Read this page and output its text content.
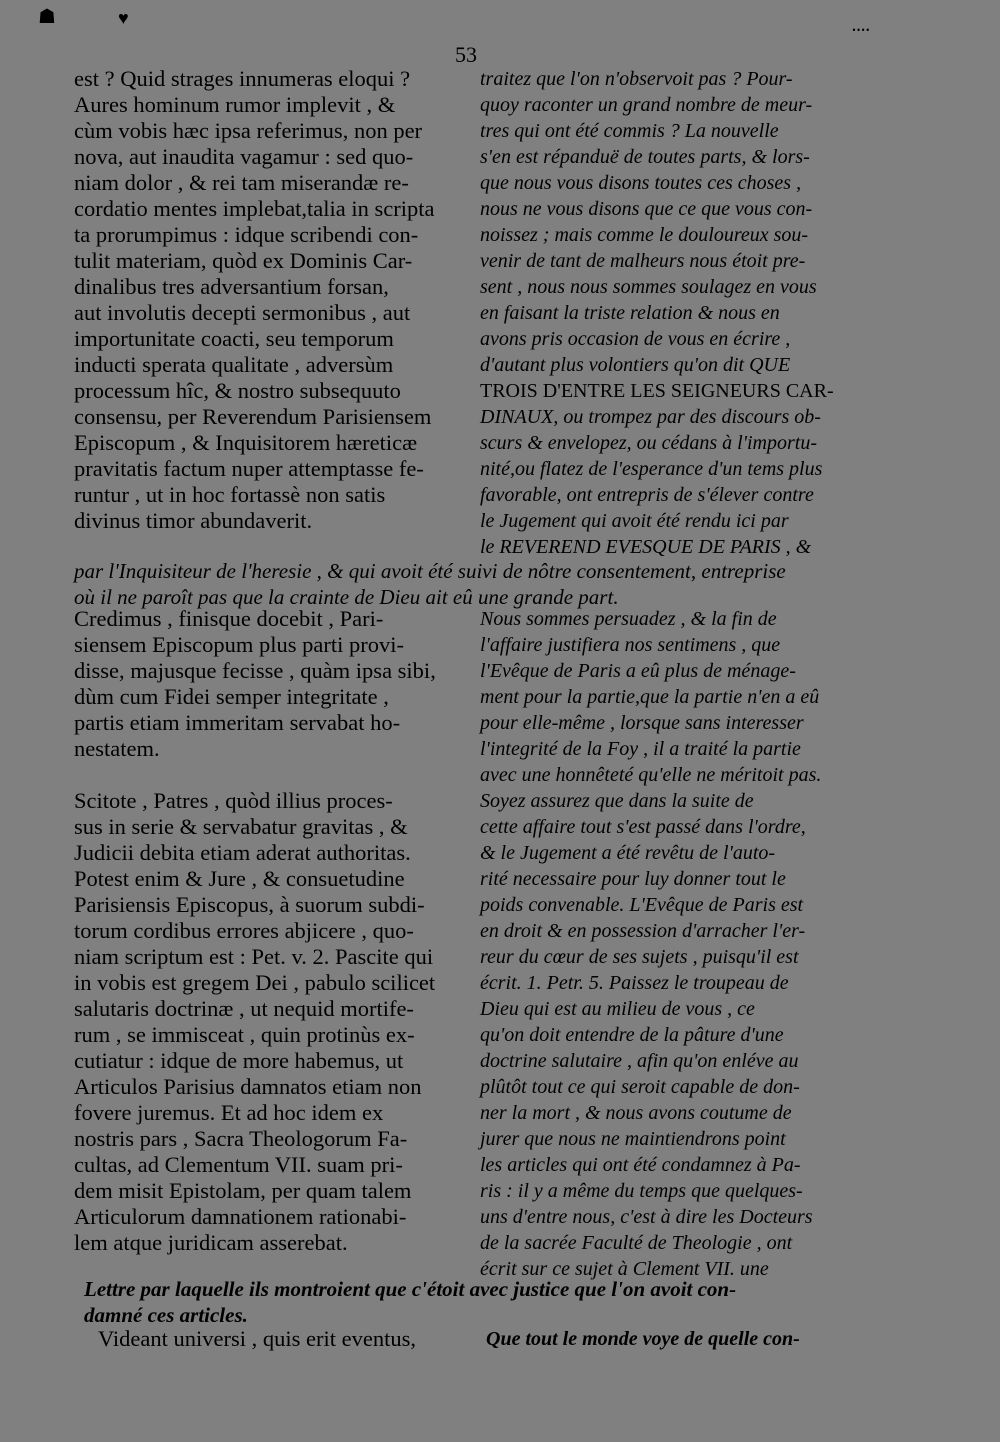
☗	♥
᠁
53
est ? Quid strages innumeras eloqui ?
Aures hominum rumor implevit , &
cùm vobis hæc ipsa referimus, non per
nova, aut inaudita vagamur : sed quo-
niam dolor , & rei tam miserandæ re-
cordatio mentes implebat,talia in scripta
ta prorumpimus : idque scribendi con-
tulit materiam, quòd ex Dominis Car-
dinalibus tres adversantium forsan,
aut involutis decepti sermonibus , aut
importunitate coacti, seu temporum
inducti sperata qualitate , adversùm
processum hîc, & nostro subsequuto
consensu, per Reverendum Parisiensem
Episcopum , & Inquisitorem hæreticæ
pravitatis factum nuper attemptasse fe-
runtur , ut in hoc fortassè non satis
divinus timor abundaverit.
traitez que l'on n'observoit pas ? Pour-
quoy raconter un grand nombre de meur-
tres qui ont été commis ? La nouvelle
s'en est répanduë de toutes parts, & lors-
que nous vous disons toutes ces choses ,
nous ne vous disons que ce que vous con-
noissez ; mais comme le douloureux sou-
venir de tant de malheurs nous étoit pre-
sent , nous nous sommes soulagez en vous
en faisant la triste relation & nous en
avons pris occasion de vous en écrire ,
d'autant plus volontiers qu'on dit QUE
TROIS D'ENTRE LES SEIGNEURS CAR-
DINAUX, ou trompez par des discours ob-
scurs & envelopez, ou cédans à l'importu-
nité,ou flatez de l'esperance d'un tems plus
favorable, ont entrepris de s'élever contre
le Jugement qui avoit été rendu ici par
le REVEREND EVESQUE DE PARIS , &
par l'Inquisiteur de l'heresie , & qui avoit été suivi de nôtre consentement, entreprise
où il ne paroît pas que la crainte de Dieu ait eû une grande part.
Credimus , finisque docebit , Pari-
siensem Episcopum plus parti provi-
disse, majusque fecisse , quàm ipsa sibi,
dùm cum Fidei semper integritate ,
partis etiam immeritam servabat ho-
nestatem.
Scitote , Patres , quòd illius proces-
sus in serie & servabatur gravitas , &
Judicii debita etiam aderat authoritas.
Potest enim & Jure , & consuetudine
Parisiensis Episcopus, à suorum subdi-
torum cordibus errores abjicere , quo-
niam scriptum est : Pet. v. 2. Pascite qui
in vobis est gregem Dei , pabulo scilicet
salutaris doctrinæ , ut nequid mortife-
rum , se immisceat , quin protinùs ex-
cutiatur : idque de more habemus, ut
Articulos Parisius damnatos etiam non
fovere juremus. Et ad hoc idem ex
nostris pars , Sacra Theologorum Fa-
cultas, ad Clementum VII. suam pri-
dem misit Epistolam, per quam talem
Articulorum damnationem rationabi-
lem atque juridicam asserebat.
Nous sommes persuadez , & la fin de
l'affaire justifiera nos sentimens , que
l'Evêque de Paris a eû plus de ménage-
ment pour la partie,que la partie n'en a eû
pour elle-même , lorsque sans interesser
l'integrité de la Foy , il a traité la partie
avec une honnêteté qu'elle ne méritoit pas.
Soyez assurez que dans la suite de
cette affaire tout s'est passé dans l'ordre,
& le Jugement a été revêtu de l'auto-
rité necessaire pour luy donner tout le
poids convenable. L'Evêque de Paris est
en droit & en possession d'arracher l'er-
reur du cœur de ses sujets , puisqu'il est
écrit. 1. Petr. 5. Paissez le troupeau de
Dieu qui est au milieu de vous , ce
qu'on doit entendre de la pâture d'une
doctrine salutaire , afin qu'on enléve au
plûtôt tout ce qui seroit capable de don-
ner la mort , & nous avons coutume de
jurer que nous ne maintiendrons point
les articles qui ont été condamnez à Pa-
ris : il y a même du temps que quelques-
uns d'entre nous, c'est à dire les Docteurs
de la sacrée Faculté de Theologie , ont
écrit sur ce sujet à Clement VII. une
Lettre par laquelle ils montroient que c'étoit avec justice que l'on avoit con-
damné ces articles.
Videant universi , quis erit eventus,	Que tout le monde voye de quelle con-
